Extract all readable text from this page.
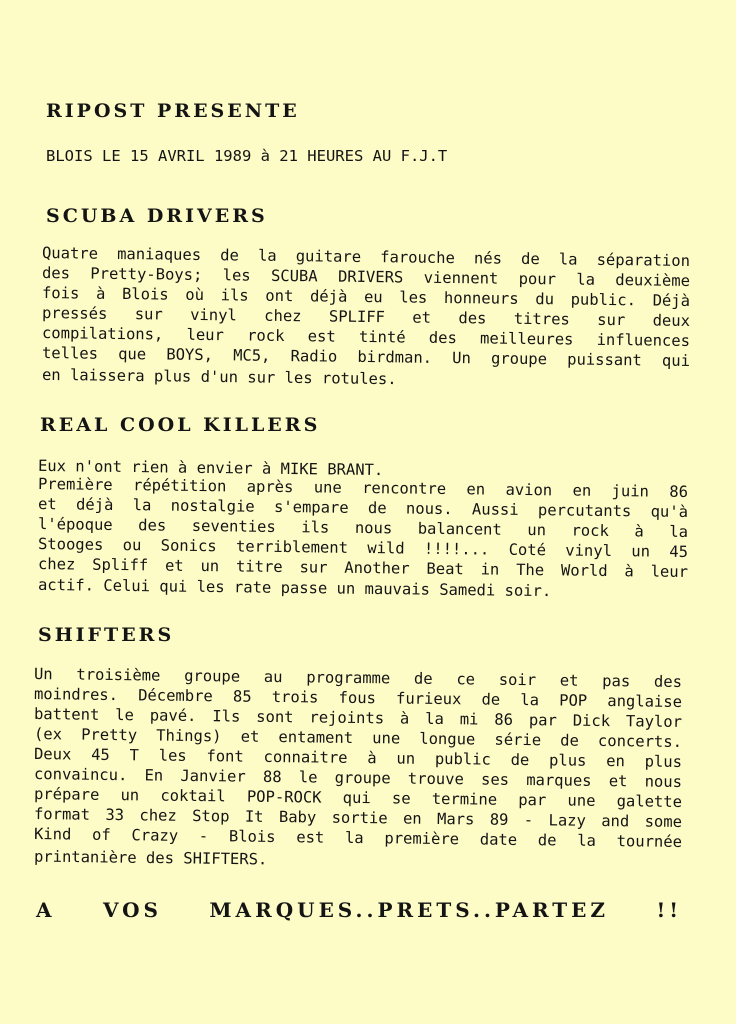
RIPOST PRESENTE

BLOIS LE 15 AVRIL 1989 à 21 HEURES AU F.J.T

SCUBA DRIVERS

Quatre maniaques de la guitare farouche nés de la séparation

des Pretty-Boys; les SCUBA DRIVERS viennent pour la deuxième

fois à Blois où ils ont déjà eu les honneurs du public. Déjà

pressés sur vinyl chez SPLIFF et des titres sur deux

compilations, leur rock est tinté des meilleures influences

telles que BOYS, MC5, Radio birdman. Un groupe puissant qui

en laissera plus d'un sur les rotules.

REAL COOL KILLERS

Eux n'ont rien à envier à MIKE BRANT.

Première répétition après une rencontre en avion en juin 86

et déjà la nostalgie s'empare de nous. Aussi percutants qu'à

l'époque des seventies ils nous balancent un rock à la

Stooges ou Sonics terriblement wild !!!!... Coté vinyl un 45

chez Spliff et un titre sur Another Beat in The World à leur

actif. Celui qui les rate passe un mauvais Samedi soir.

SHIFTERS

Un troisième groupe au programme de ce soir et pas des

moindres. Décembre 85 trois fous furieux de la POP anglaise

battent le pavé. Ils sont rejoints à la mi 86 par Dick Taylor

(ex Pretty Things) et entament une longue série de concerts.

Deux 45 T les font connaitre à un public de plus en plus

convaincu. En Janvier 88 le groupe trouve ses marques et nous

prépare un coktail POP-ROCK qui se termine par une galette

format 33 chez Stop It Baby sortie en Mars 89 - Lazy and some

Kind of Crazy - Blois est la première date de la tournée

printanière des SHIFTERS.

A VOS MARQUES..PRETS..PARTEZ !!
